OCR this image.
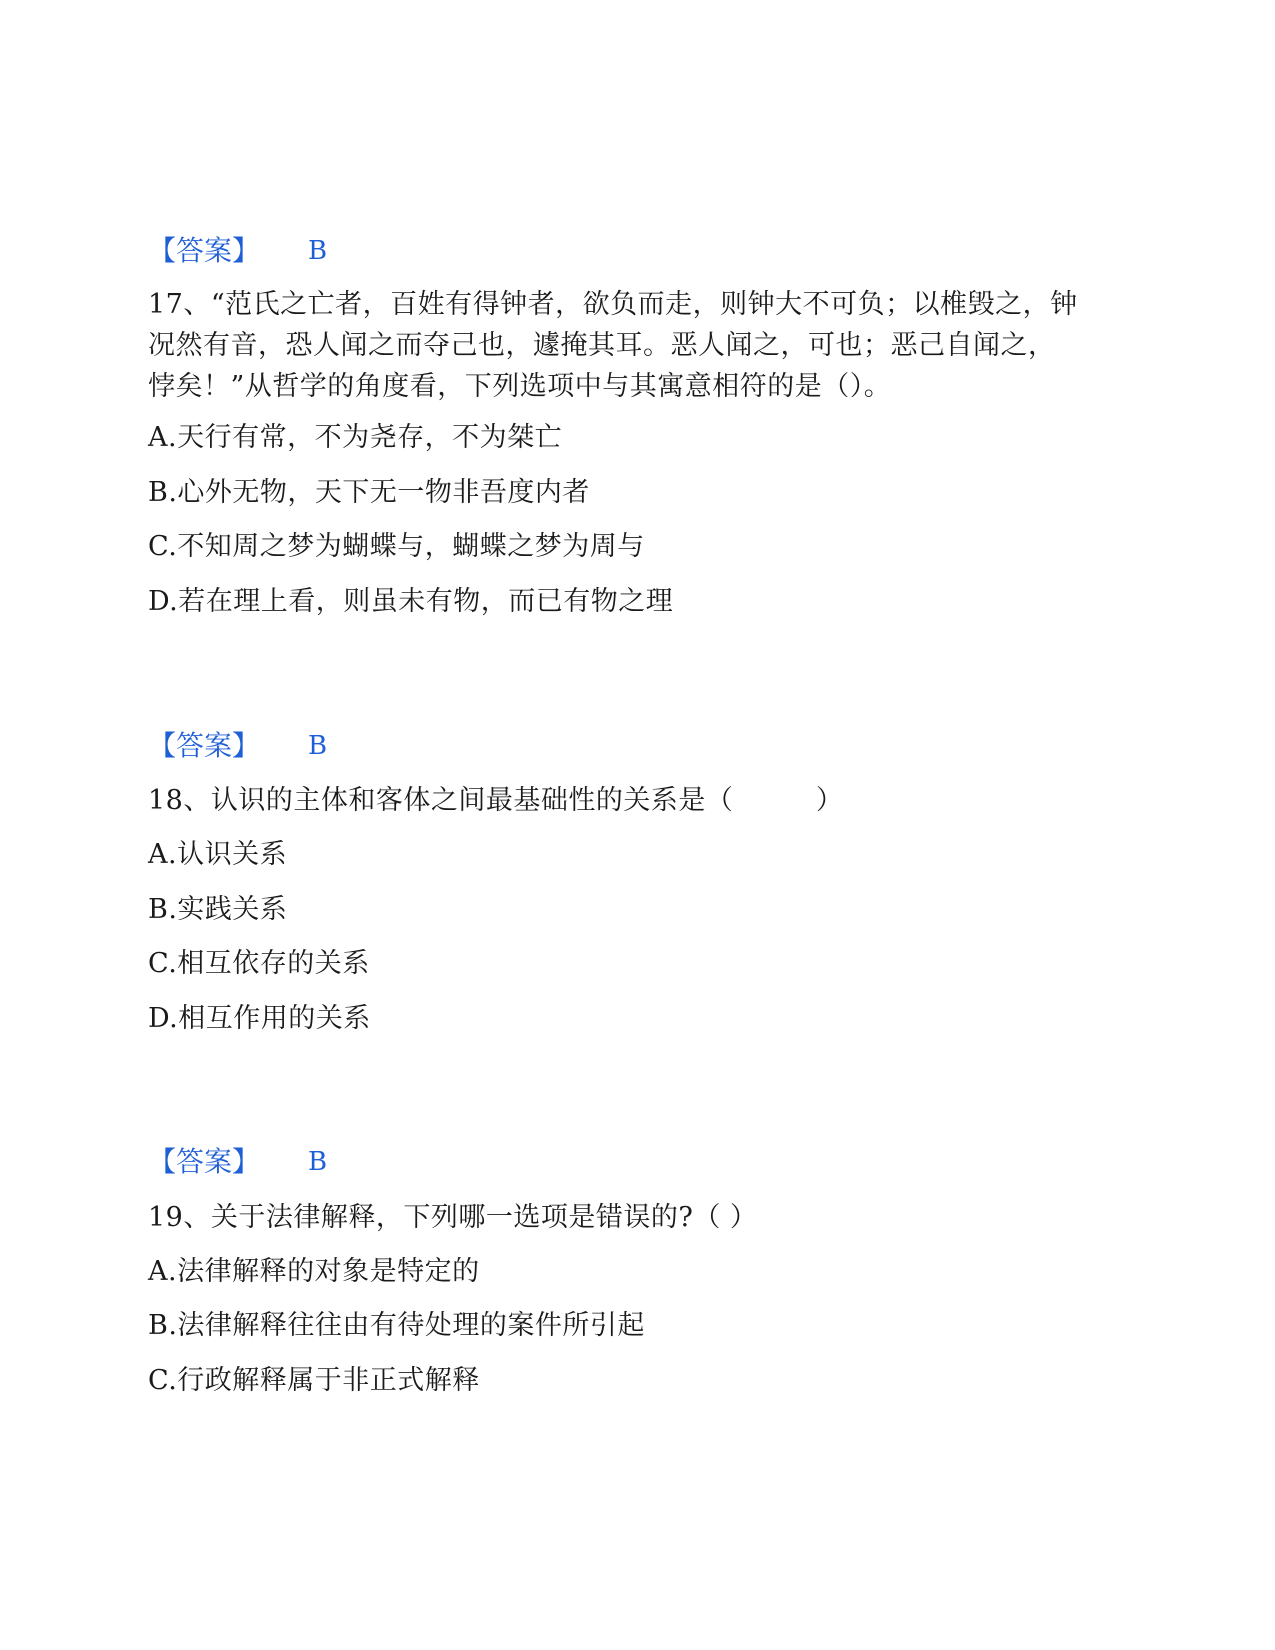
【答案】 B
17、“范氏之亡者，百姓有得钟者，欲负而走，则钟大不可负；以椎毁之，钟
况然有音，恐人闻之而夺己也，遽掩其耳。恶人闻之，可也；恶己自闻之，
悖矣！”从哲学的角度看，下列选项中与其寓意相符的是（）。
A.天行有常，不为尧存，不为桀亡
B.心外无物，天下无一物非吾度内者
C.不知周之梦为蝴蝶与，蝴蝶之梦为周与
D.若在理上看，则虽未有物，而已有物之理
【答案】 B
18、认识的主体和客体之间最基础性的关系是（　　　）
A.认识关系
B.实践关系
C.相互依存的关系
D.相互作用的关系
【答案】 B
19、关于法律解释，下列哪一选项是错误的?（ ）
A.法律解释的对象是特定的
B.法律解释往往由有待处理的案件所引起
C.行政解释属于非正式解释
